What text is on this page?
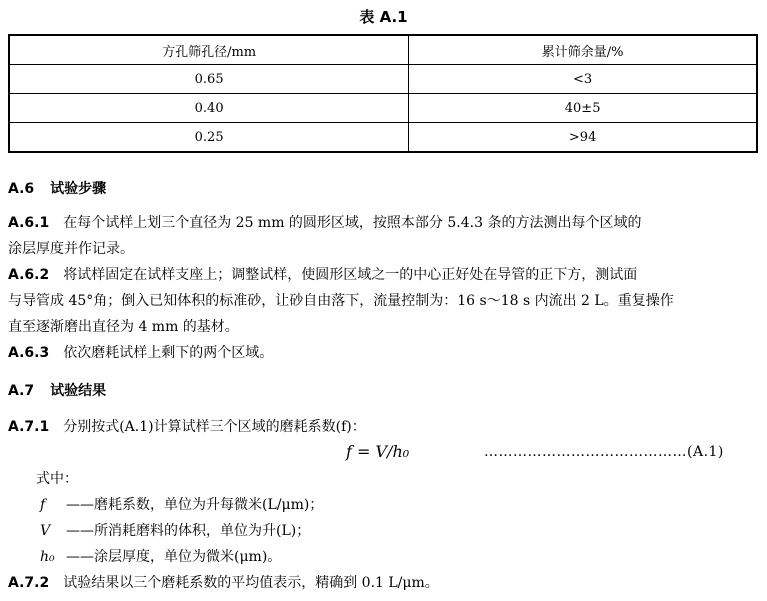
表 A.1
方孔筛孔径/mm	累计筛余量/%
0.65	<3
0.40	40±5
0.25	>94
A.6 试验步骤
A.6.1 在每个试样上划三个直径为 25 mm 的圆形区域，按照本部分 5.4.3 条的方法测出每个区域的
涂层厚度并作记录。
A.6.2 将试样固定在试样支座上；调整试样，使圆形区域之一的中心正好处在导管的正下方，测试面
与导管成 45°角；倒入已知体积的标准砂，让砂自由落下，流量控制为：16 s～18 s 内流出 2 L。重复操作
直至逐渐磨出直径为 4 mm 的基材。
A.6.3 依次磨耗试样上剩下的两个区域。
A.7 试验结果
A.7.1 分别按式(A.1)计算试样三个区域的磨耗系数(f)：
f = V/h₀	……………………………………(A.1)
式中：
f ——磨耗系数，单位为升每微米(L/μm)；
V ——所消耗磨料的体积，单位为升(L)；
h₀ ——涂层厚度，单位为微米(μm)。
A.7.2 试验结果以三个磨耗系数的平均值表示，精确到 0.1 L/μm。
